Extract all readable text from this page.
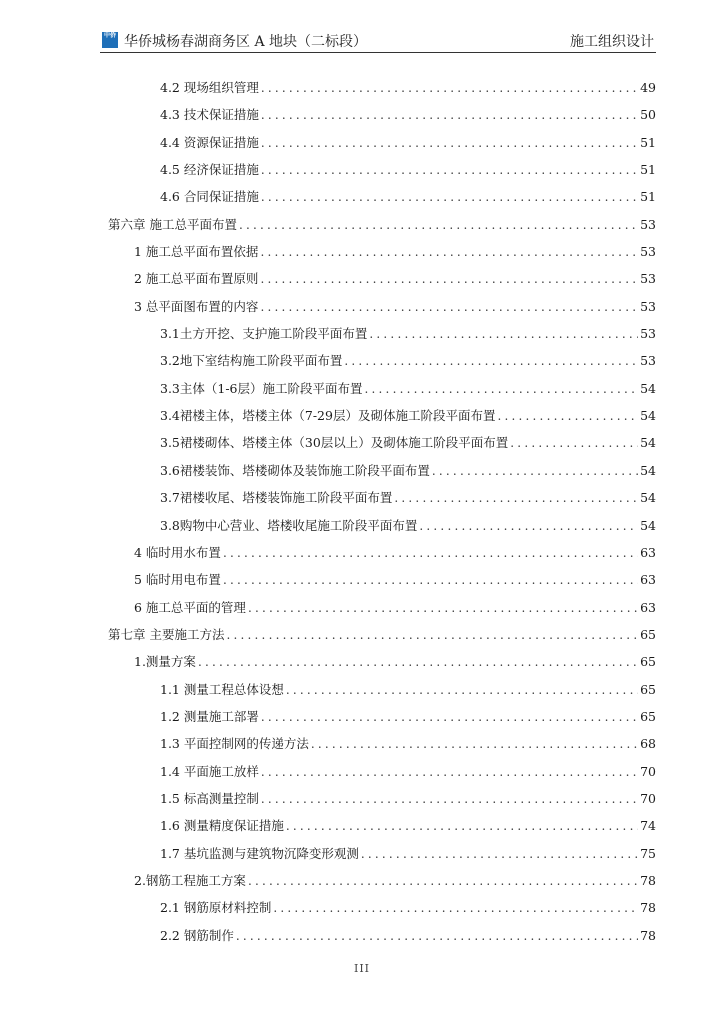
中侨 华侨城杨春湖商务区 A 地块（二标段）	施工组织设计
4.2 现场组织管理 .....	49
4.3 技术保证措施 .....	50
4.4 资源保证措施 .....	51
4.5 经济保证措施 .....	51
4.6 合同保证措施 .....	51
第六章 施工总平面布置 .....	53
1 施工总平面布置依据 .....	53
2 施工总平面布置原则 .....	53
3 总平面图布置的内容 .....	53
3.1土方开挖、支护施工阶段平面布置 .....	53
3.2地下室结构施工阶段平面布置 .....	53
3.3主体（1-6层）施工阶段平面布置 .....	54
3.4裙楼主体，塔楼主体（7-29层）及砌体施工阶段平面布置 .....	54
3.5裙楼砌体、塔楼主体（30层以上）及砌体施工阶段平面布置 .....	54
3.6裙楼装饰、塔楼砌体及装饰施工阶段平面布置 .....	54
3.7裙楼收尾、塔楼装饰施工阶段平面布置 .....	54
3.8购物中心营业、塔楼收尾施工阶段平面布置 .....	54
4 临时用水布置 .....	63
5 临时用电布置 .....	63
6 施工总平面的管理 .....	63
第七章 主要施工方法 .....	65
1.测量方案 .....	65
1.1 测量工程总体设想 .....	65
1.2 测量施工部署 .....	65
1.3 平面控制网的传递方法 .....	68
1.4 平面施工放样 .....	70
1.5 标高测量控制 .....	70
1.6 测量精度保证措施 .....	74
1.7 基坑监测与建筑物沉降变形观测 .....	75
2.钢筋工程施工方案 .....	78
2.1 钢筋原材料控制 .....	78
2.2 钢筋制作 .....	78
III
